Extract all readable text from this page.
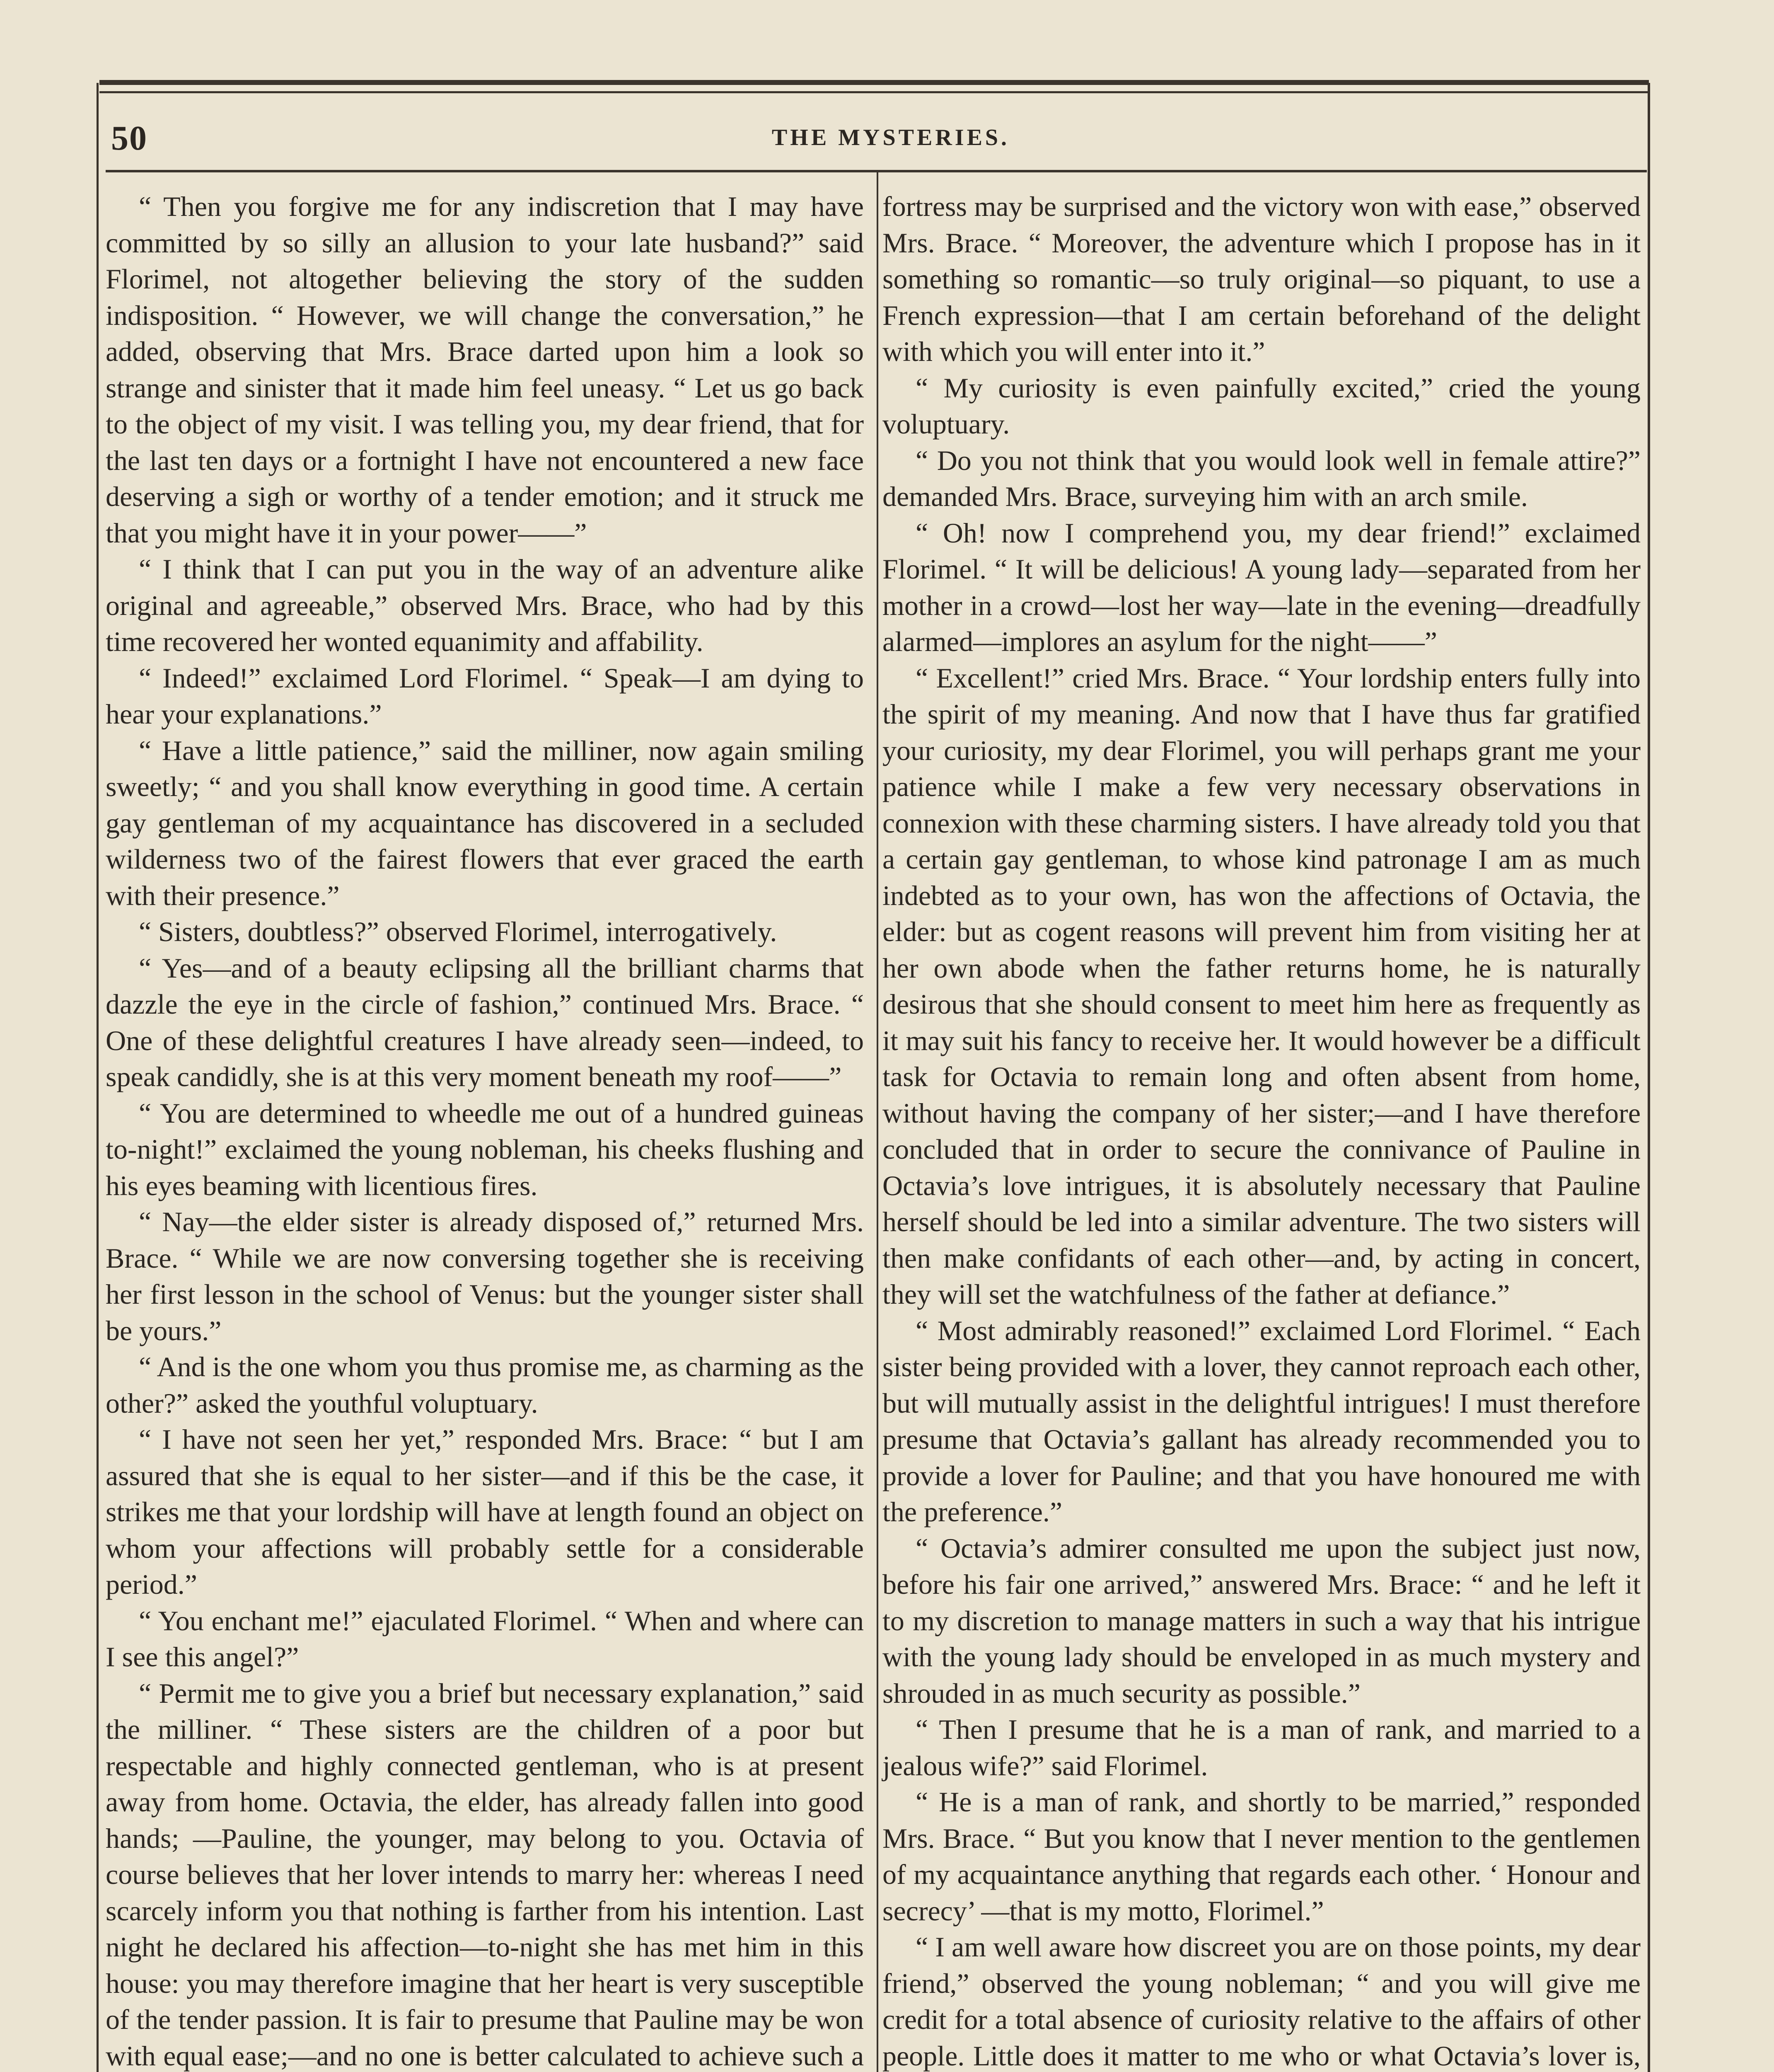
50	THE MYSTERIES.

“ Then you forgive me for any indiscretion that I may have committed by so silly an allusion to your late husband?” said Florimel, not altogether believing the story of the sudden indisposition. “ However, we will change the conversation,” he added, observing that Mrs. Brace darted upon him a look so strange and sinister that it made him feel uneasy. “ Let us go back to the object of my visit. I was telling you, my dear friend, that for the last ten days or a fortnight I have not encountered a new face deserving a sigh or worthy of a tender emotion; and it struck me that you might have it in your power——”

“ I think that I can put you in the way of an adventure alike original and agreeable,” observed Mrs. Brace, who had by this time recovered her wonted equanimity and affability.

“ Indeed!” exclaimed Lord Florimel. “ Speak—I am dying to hear your explanations.”

“ Have a little patience,” said the milliner, now again smiling sweetly; “ and you shall know everything in good time. A certain gay gentleman of my acquaintance has discovered in a secluded wilderness two of the fairest flowers that ever graced the earth with their presence.”

“ Sisters, doubtless?” observed Florimel, interrogatively.

“ Yes—and of a beauty eclipsing all the brilliant charms that dazzle the eye in the circle of fashion,” continued Mrs. Brace. “ One of these delightful creatures I have already seen—indeed, to speak candidly, she is at this very moment beneath my roof——”

“ You are determined to wheedle me out of a hundred guineas to-night!” exclaimed the young nobleman, his cheeks flushing and his eyes beaming with licentious fires.

“ Nay—the elder sister is already disposed of,” returned Mrs. Brace. “ While we are now conversing together she is receiving her first lesson in the school of Venus: but the younger sister shall be yours.”

“ And is the one whom you thus promise me, as charming as the other?” asked the youthful voluptuary.

“ I have not seen her yet,” responded Mrs. Brace: “ but I am assured that she is equal to her sister—and if this be the case, it strikes me that your lordship will have at length found an object on whom your affections will probably settle for a considerable period.”

“ You enchant me!” ejaculated Florimel. “ When and where can I see this angel?”

“ Permit me to give you a brief but necessary explanation,” said the milliner. “ These sisters are the children of a poor but respectable and highly connected gentleman, who is at present away from home. Octavia, the elder, has already fallen into good hands; —Pauline, the younger, may belong to you. Octavia of course believes that her lover intends to marry her: whereas I need scarcely inform you that nothing is farther from his intention. Last night he declared his affection—to-night she has met him in this house: you may therefore imagine that her heart is very susceptible of the tender passion. It is fair to presume that Pauline may be won with equal ease;—and no one is better calculated to achieve such a

fortress may be surprised and the victory won with ease,” observed Mrs. Brace. “ Moreover, the adventure which I propose has in it something so romantic—so truly original—so piquant, to use a French expression—that I am certain beforehand of the delight with which you will enter into it.”

“ My curiosity is even painfully excited,” cried the young voluptuary.

“ Do you not think that you would look well in female attire?” demanded Mrs. Brace, surveying him with an arch smile.

“ Oh! now I comprehend you, my dear friend!” exclaimed Florimel. “ It will be delicious! A young lady—separated from her mother in a crowd—lost her way—late in the evening—dreadfully alarmed—implores an asylum for the night——”

“ Excellent!” cried Mrs. Brace. “ Your lordship enters fully into the spirit of my meaning. And now that I have thus far gratified your curiosity, my dear Florimel, you will perhaps grant me your patience while I make a few very necessary observations in connexion with these charming sisters. I have already told you that a certain gay gentleman, to whose kind patronage I am as much indebted as to your own, has won the affections of Octavia, the elder: but as cogent reasons will prevent him from visiting her at her own abode when the father returns home, he is naturally desirous that she should consent to meet him here as frequently as it may suit his fancy to receive her. It would however be a difficult task for Octavia to remain long and often absent from home, without having the company of her sister;—and I have therefore concluded that in order to secure the connivance of Pauline in Octavia’s love intrigues, it is absolutely necessary that Pauline herself should be led into a similar adventure. The two sisters will then make confidants of each other—and, by acting in concert, they will set the watchfulness of the father at defiance.”

“ Most admirably reasoned!” exclaimed Lord Florimel. “ Each sister being provided with a lover, they cannot reproach each other, but will mutually assist in the delightful intrigues! I must therefore presume that Octavia’s gallant has already recommended you to provide a lover for Pauline; and that you have honoured me with the preference.”

“ Octavia’s admirer consulted me upon the subject just now, before his fair one arrived,” answered Mrs. Brace: “ and he left it to my discretion to manage matters in such a way that his intrigue with the young lady should be enveloped in as much mystery and shrouded in as much security as possible.”

“ Then I presume that he is a man of rank, and married to a jealous wife?” said Florimel.

“ He is a man of rank, and shortly to be married,” responded Mrs. Brace. “ But you know that I never mention to the gentlemen of my acquaintance anything that regards each other. ‘ Honour and secrecy’ —that is my motto, Florimel.”

“ I am well aware how discreet you are on those points, my dear friend,” observed the young nobleman; “ and you will give me credit for a total absence of curiosity relative to the affairs of other people. Little does it matter to me who or what Octavia’s lover is,
